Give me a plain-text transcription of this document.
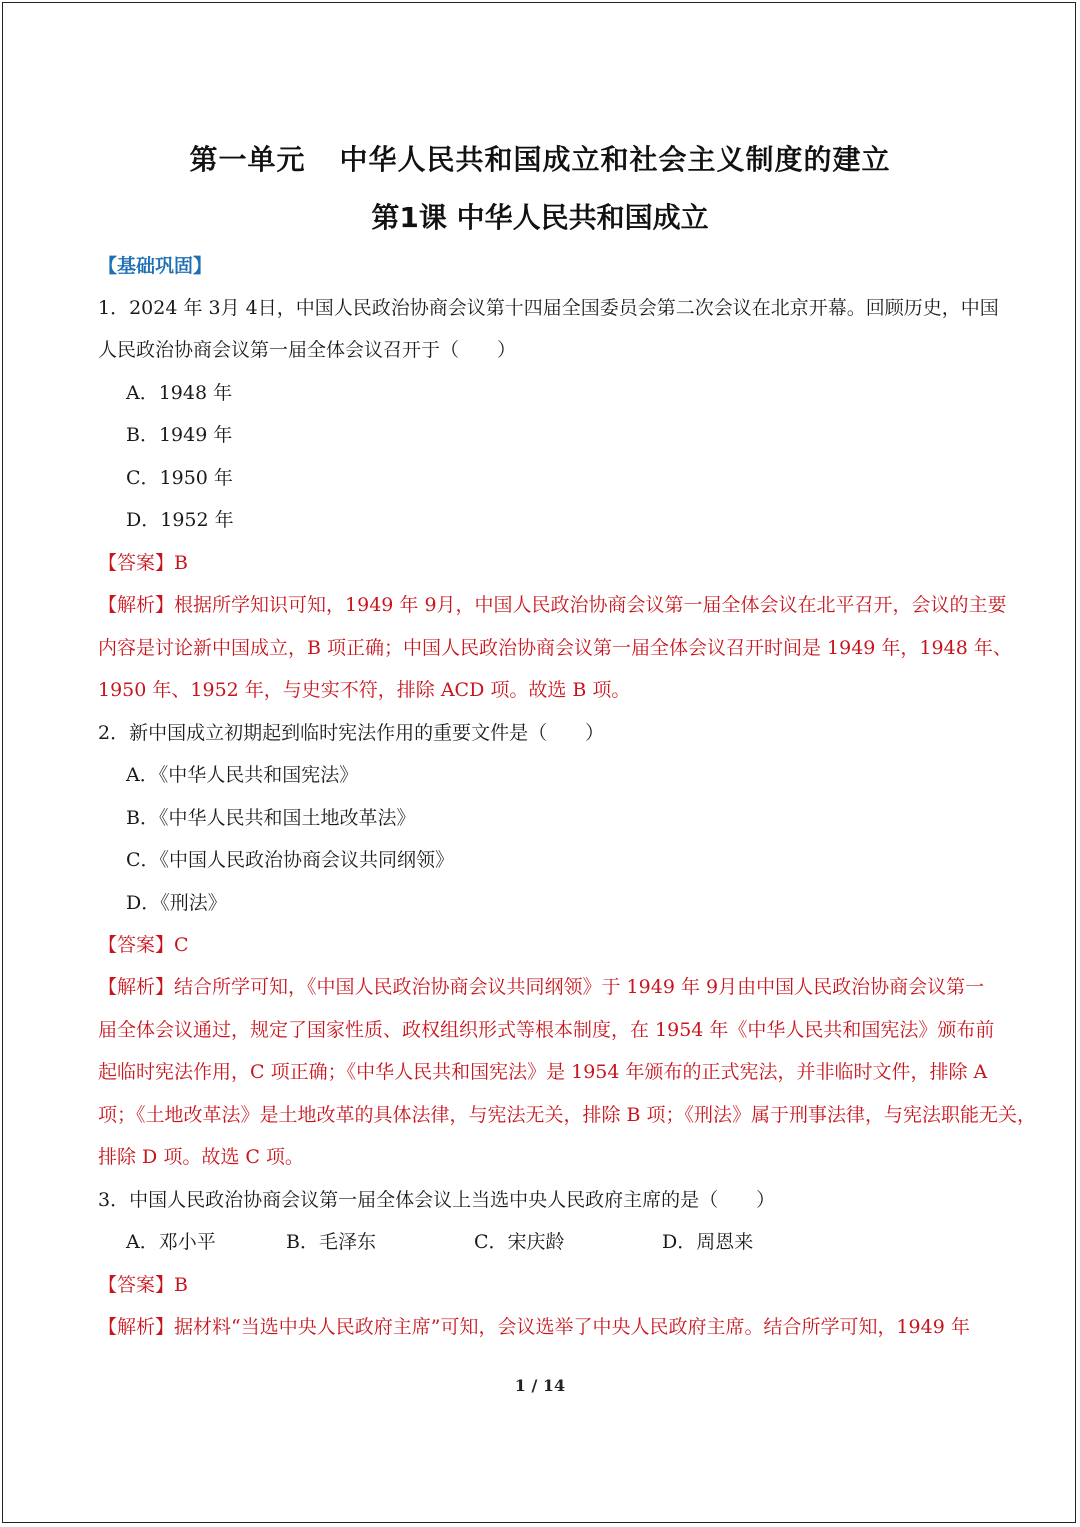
第一单元 中华人民共和国成立和社会主义制度的建立
第1课 中华人民共和国成立
【基础巩固】
1．2024 年 3月 4日，中国人民政治协商会议第十四届全国委员会第二次会议在北京开幕。回顾历史，中国
人民政治协商会议第一届全体会议召开于（　　）
A．1948 年
B．1949 年
C．1950 年
D．1952 年
【答案】B
【解析】根据所学知识可知，1949 年 9月，中国人民政治协商会议第一届全体会议在北平召开，会议的主要
内容是讨论新中国成立，B 项正确；中国人民政治协商会议第一届全体会议召开时间是 1949 年，1948 年、
1950 年、1952 年，与史实不符，排除 ACD 项。故选 B 项。
2．新中国成立初期起到临时宪法作用的重要文件是（　　）
A．《中华人民共和国宪法》
B．《中华人民共和国土地改革法》
C．《中国人民政治协商会议共同纲领》
D．《刑法》
【答案】C
【解析】结合所学可知，《中国人民政治协商会议共同纲领》于 1949 年 9月由中国人民政治协商会议第一
届全体会议通过，规定了国家性质、政权组织形式等根本制度，在 1954 年《中华人民共和国宪法》颁布前
起临时宪法作用，C 项正确；《中华人民共和国宪法》是 1954 年颁布的正式宪法，并非临时文件，排除 A
项；《土地改革法》是土地改革的具体法律，与宪法无关，排除 B 项；《刑法》属于刑事法律，与宪法职能无关，
排除 D 项。故选 C 项。
3．中国人民政治协商会议第一届全体会议上当选中央人民政府主席的是（　　）
A．邓小平	B．毛泽东	C．宋庆龄	D．周恩来
【答案】B
【解析】据材料“当选中央人民政府主席”可知，会议选举了中央人民政府主席。结合所学可知，1949 年
1 / 14
